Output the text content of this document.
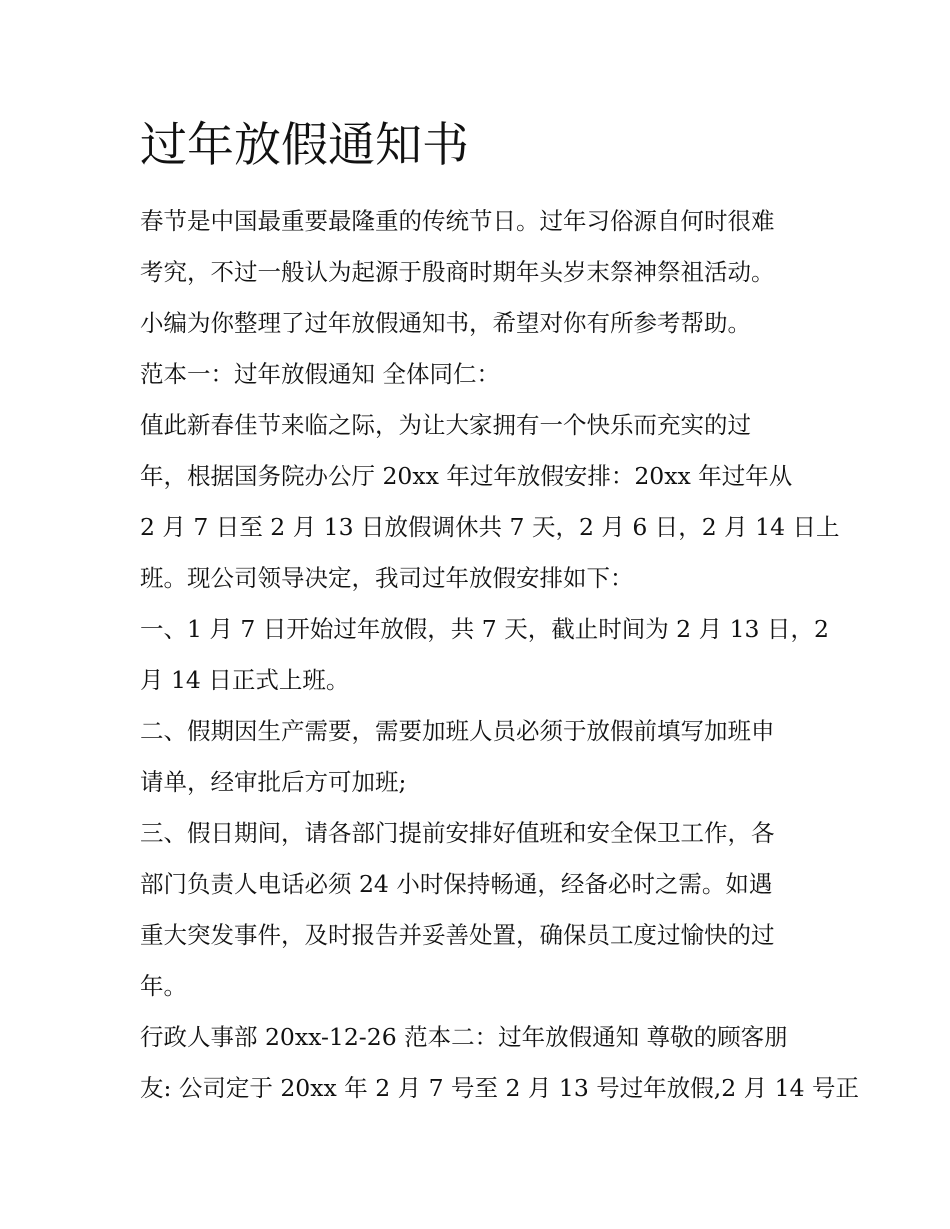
过年放假通知书
春节是中国最重要最隆重的传统节日。过年习俗源自何时很难
考究，不过一般认为起源于殷商时期年头岁末祭神祭祖活动。
小编为你整理了过年放假通知书，希望对你有所参考帮助。
范本一：过年放假通知 全体同仁：
值此新春佳节来临之际，为让大家拥有一个快乐而充实的过
年，根据国务院办公厅 20xx 年过年放假安排：20xx 年过年从
2 月 7 日至 2 月 13 日放假调休共 7 天，2 月 6 日，2 月 14 日上
班。现公司领导决定，我司过年放假安排如下：
一、1 月 7 日开始过年放假，共 7 天，截止时间为 2 月 13 日，2
月 14 日正式上班。
二、假期因生产需要，需要加班人员必须于放假前填写加班申
请单，经审批后方可加班;
三、假日期间，请各部门提前安排好值班和安全保卫工作，各
部门负责人电话必须 24 小时保持畅通，经备必时之需。如遇
重大突发事件，及时报告并妥善处置，确保员工度过愉快的过
年。
行政人事部 20xx-12-26 范本二：过年放假通知 尊敬的顾客朋
友: 公司定于 20xx 年 2 月 7 号至 2 月 13 号过年放假,2 月 14 号正
